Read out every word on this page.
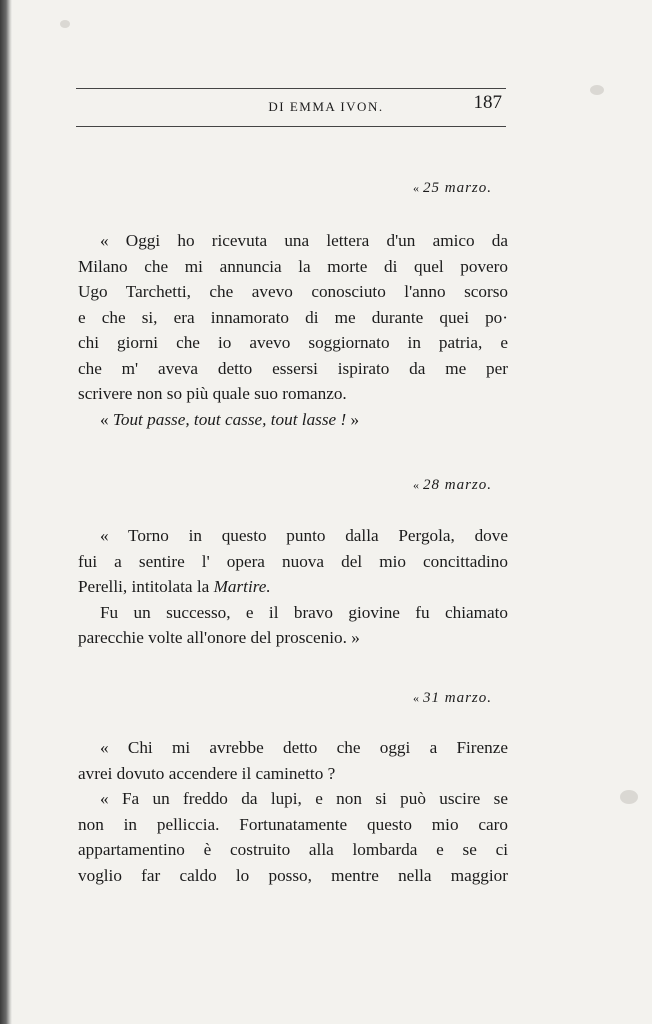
DI EMMA IVON.	187
« 25 marzo.
« Oggi ho ricevuta una lettera d'un amico da
Milano che mi annuncia la morte di quel povero
Ugo Tarchetti, che avevo conosciuto l'anno scorso
e che si, era innamorato di me durante quei po·
chi giorni che io avevo soggiornato in patria, e
che m' aveva detto essersi ispirato da me per
scrivere non so più quale suo romanzo.
« Tout passe, tout casse, tout lasse ! »
« 28 marzo.
« Torno in questo punto dalla Pergola, dove
fui a sentire l' opera nuova del mio concittadino
Perelli, intitolata la Martire.
Fu un successo, e il bravo giovine fu chiamato
parecchie volte all'onore del proscenio. »
« 31 marzo.
« Chi mi avrebbe detto che oggi a Firenze
avrei dovuto accendere il caminetto ?
« Fa un freddo da lupi, e non si può uscire se
non in pelliccia. Fortunatamente questo mio caro
appartamentino è costruito alla lombarda e se ci
voglio far caldo lo posso, mentre nella maggior
